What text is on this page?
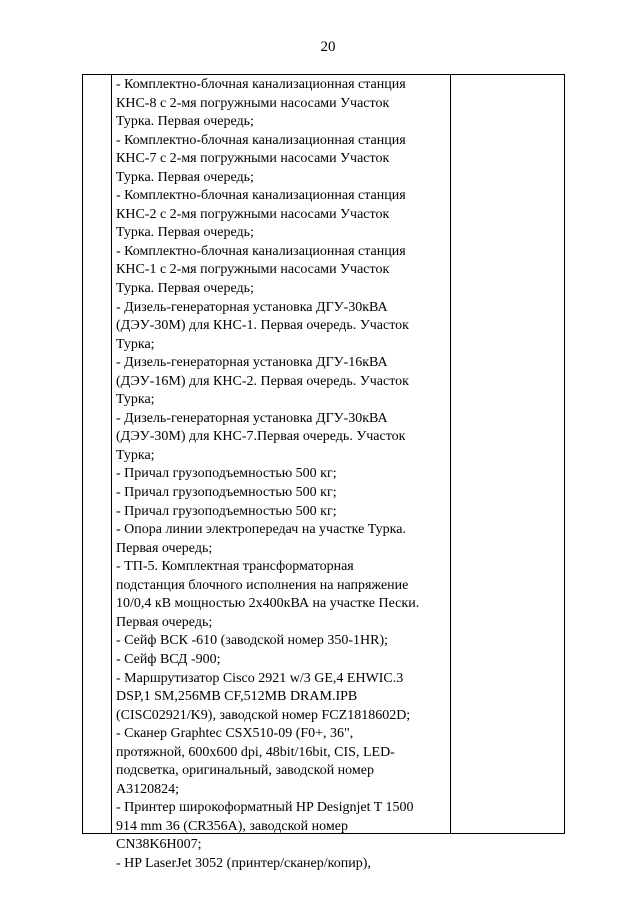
20
- Комплектно-блочная канализационная станция
КНС-8 с 2-мя погружными насосами Участок
Турка. Первая очередь;
- Комплектно-блочная канализационная станция
КНС-7 с 2-мя погружными насосами Участок
Турка. Первая очередь;
- Комплектно-блочная канализационная станция
КНС-2 с 2-мя погружными насосами Участок
Турка. Первая очередь;
- Комплектно-блочная канализационная станция
КНС-1 с 2-мя погружными насосами Участок
Турка. Первая очередь;
- Дизель-генераторная установка ДГУ-30кВА
(ДЭУ-30М) для КНС-1. Первая очередь. Участок
Турка;
- Дизель-генераторная установка ДГУ-16кВА
(ДЭУ-16М) для КНС-2. Первая очередь. Участок
Турка;
- Дизель-генераторная установка ДГУ-30кВА
(ДЭУ-30М) для КНС-7.Первая очередь. Участок
Турка;
- Причал грузоподъемностью 500 кг;
- Причал грузоподъемностью 500 кг;
- Причал грузоподъемностью 500 кг;
- Опора линии электропередач на участке Турка.
Первая очередь;
- ТП-5. Комплектная трансформаторная
подстанция блочного исполнения на напряжение
10/0,4 кВ мощностью 2х400кВА на участке Пески.
Первая очередь;
- Сейф ВСК -610 (заводской номер 350-1HR);
- Сейф ВСД -900;
- Маршрутизатор Cisco 2921 w/3 GE,4 EHWIC.3
DSP,1 SM,256MB CF,512MB DRAM.IPB
(CISC02921/K9), заводской номер FCZ1818602D;
- Сканер Graphtec CSX510-09 (F0+, 36",
протяжной, 600x600 dpi, 48bit/16bit, CIS, LED-
подсветка, оригинальный, заводской номер
A3120824;
- Принтер широкоформатный HP Designjet T 1500
914 mm 36 (CR356A), заводской номер
CN38K6H007;
- HP LaserJet 3052 (принтер/сканер/копир),
